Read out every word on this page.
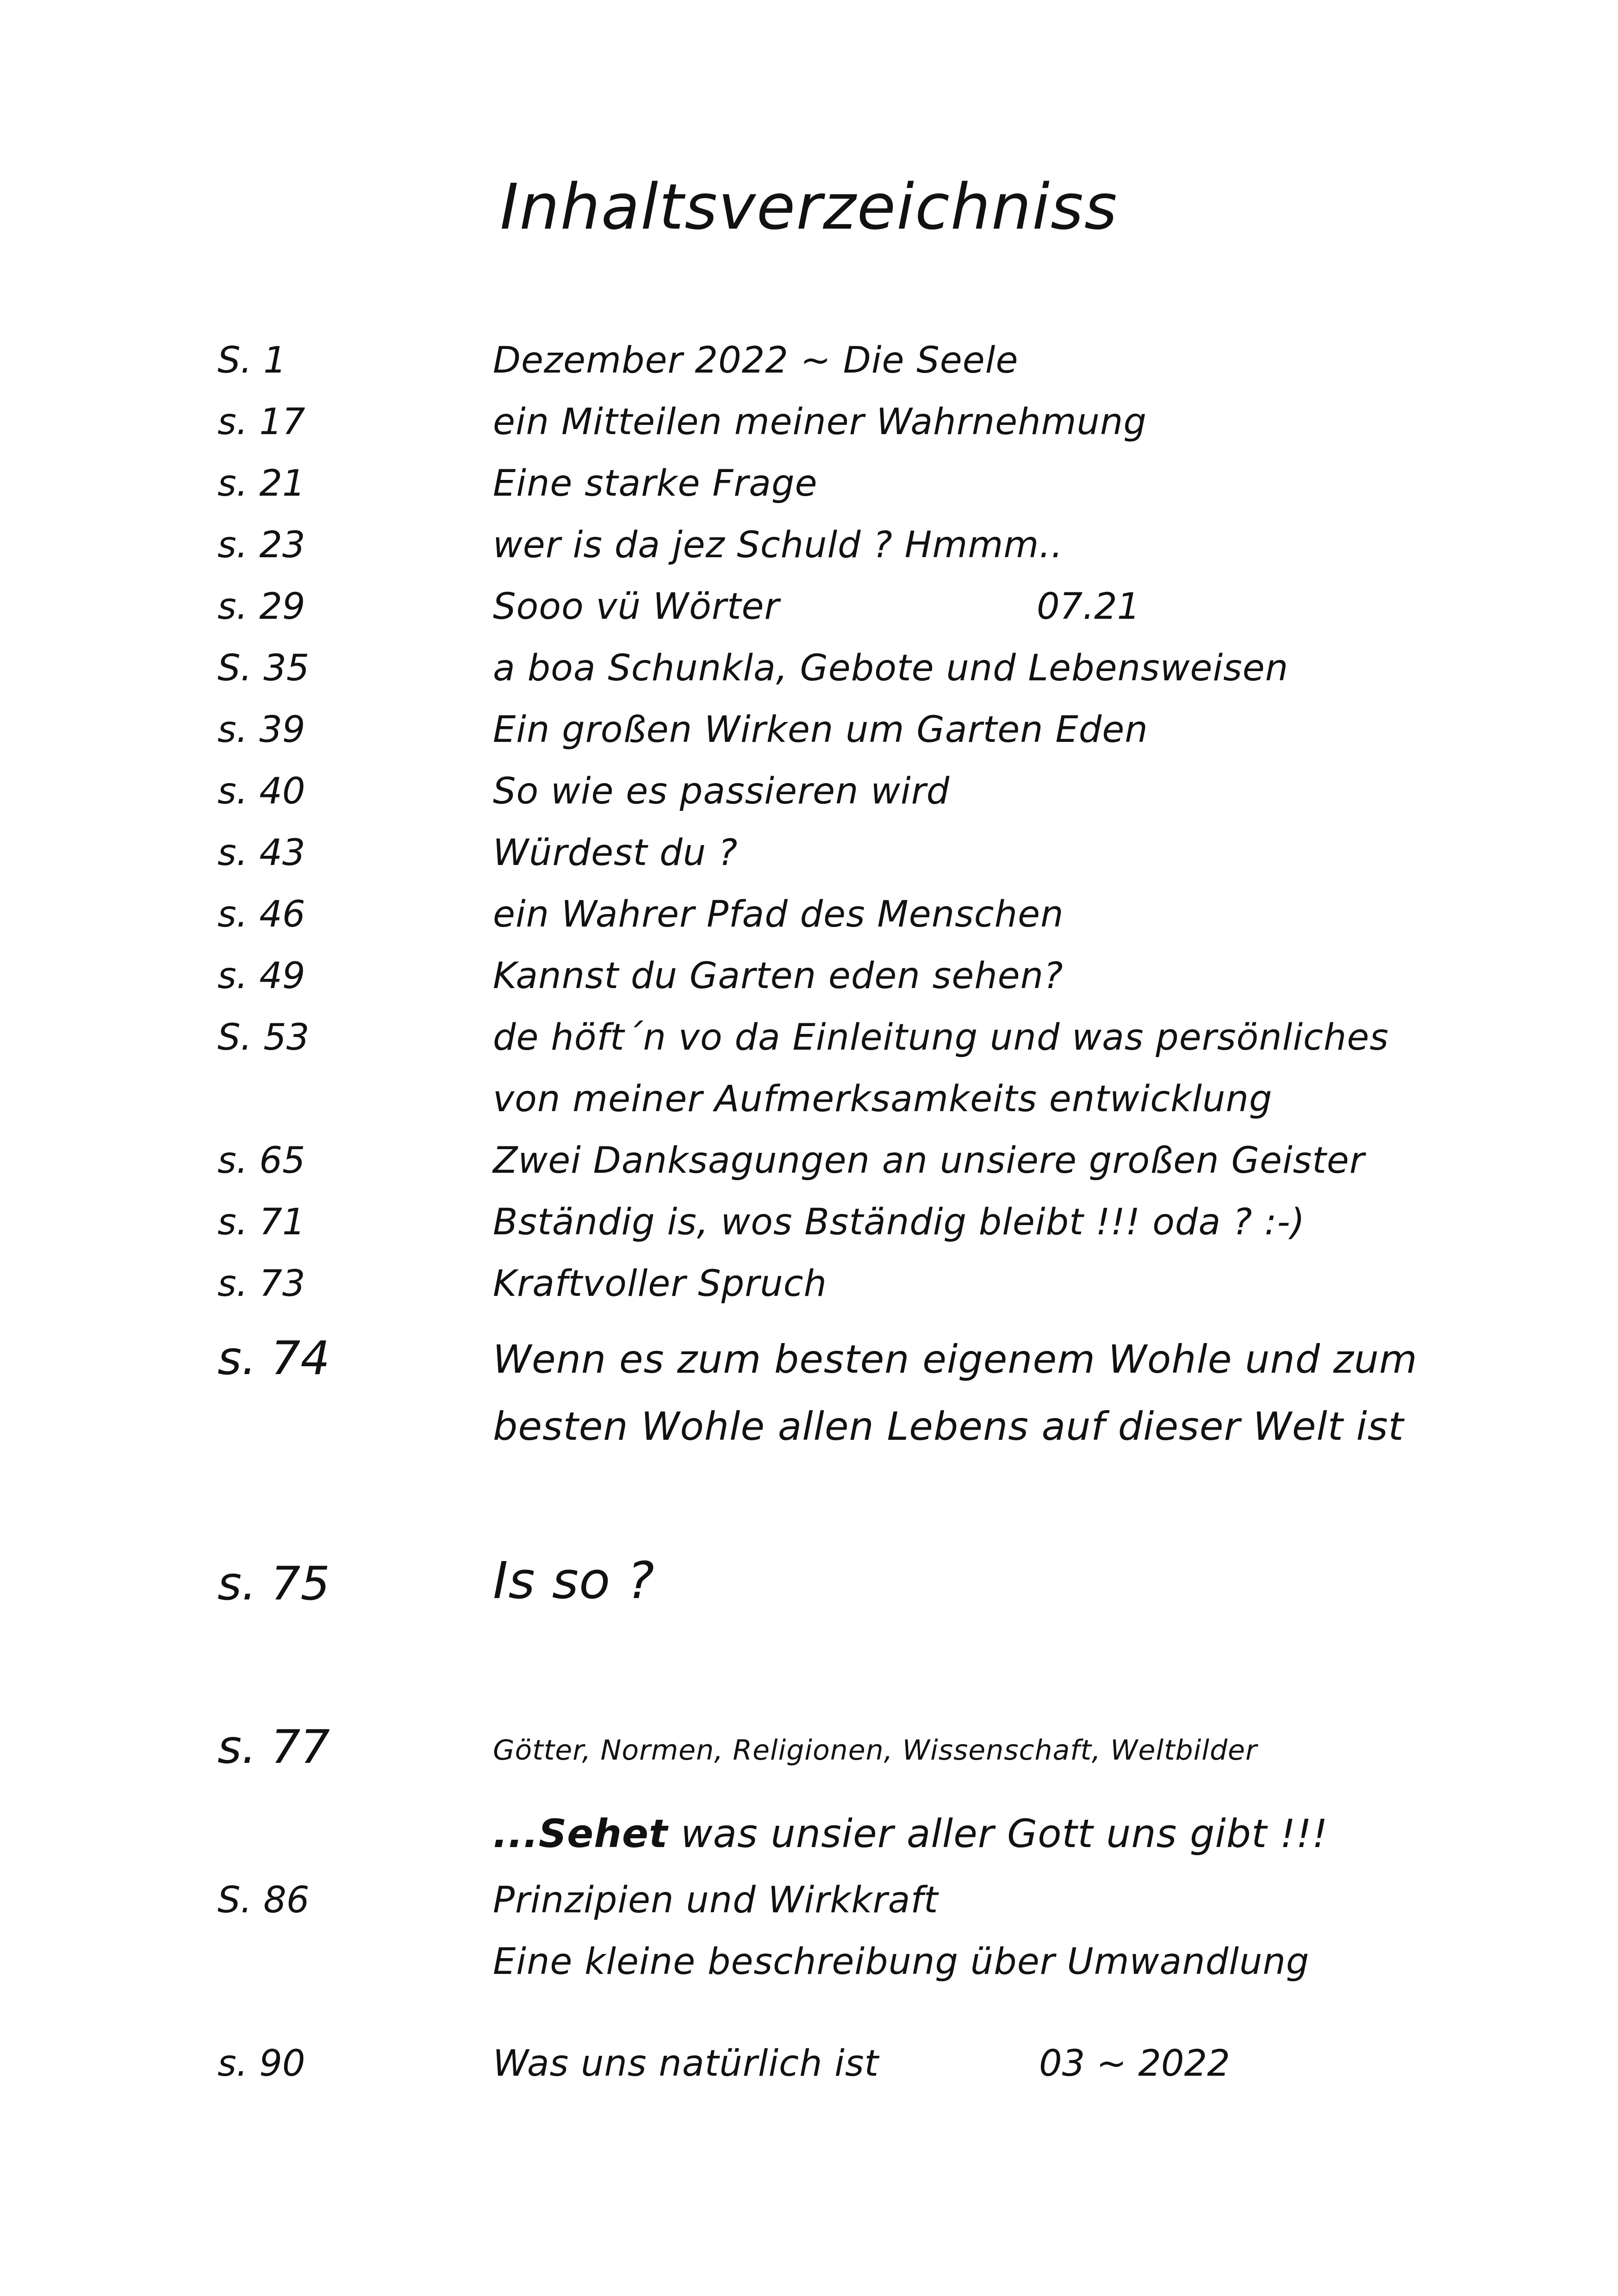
Inhaltsverzeichniss
S. 1	Dezember 2022 ~ Die Seele
s. 17	ein Mitteilen meiner Wahrnehmung
s. 21	Eine starke Frage
s. 23	wer is da jez Schuld ? Hmmm..
s. 29	Sooo vü Wörter	07.21
S. 35	a boa Schunkla, Gebote und Lebensweisen
s. 39	Ein großen Wirken um Garten Eden
s. 40	So wie es passieren wird
s. 43	Würdest du ?
s. 46	ein Wahrer Pfad des Menschen
s. 49	Kannst du Garten eden sehen?
S. 53	de höft´n vo da Einleitung und was persönliches
von meiner Aufmerksamkeits entwicklung
s. 65	Zwei Danksagungen an unsiere großen Geister
s. 71	Bständig is, wos Bständig bleibt !!! oda ? :-)
s. 73	Kraftvoller Spruch
s. 74	Wenn es zum besten eigenem Wohle und zum
besten Wohle allen Lebens auf dieser Welt ist
s. 75	Is so ?
s. 77	Götter, Normen, Religionen, Wissenschaft, Weltbilder
...Sehet was unsier aller Gott uns gibt !!!
S. 86	Prinzipien und Wirkkraft
Eine kleine beschreibung über Umwandlung
s. 90	Was uns natürlich ist	03 ~ 2022
